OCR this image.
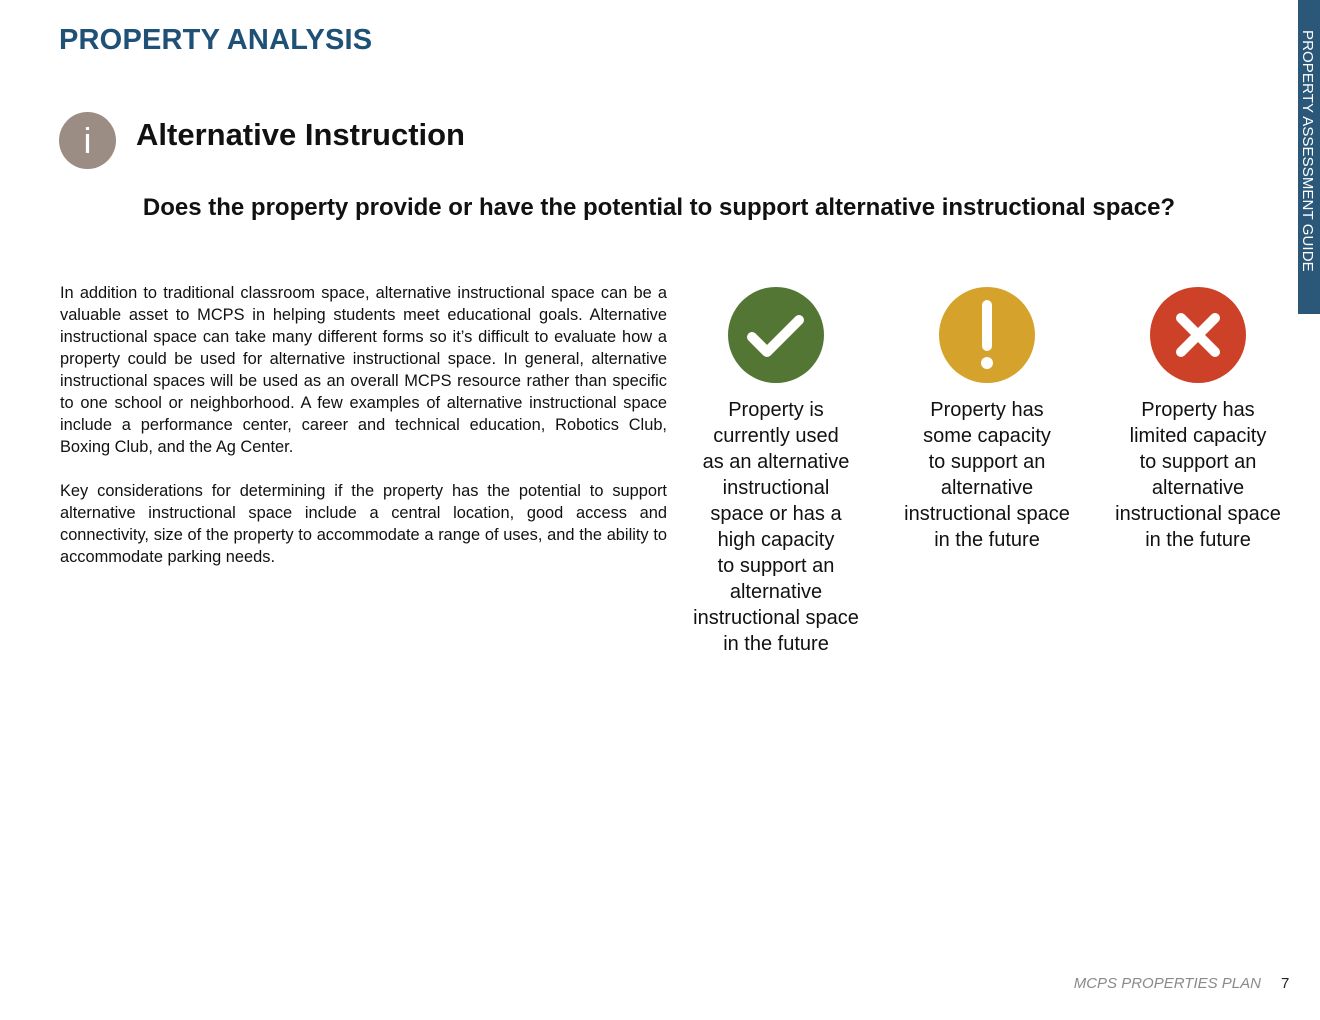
PROPERTY ANALYSIS	PROPERTY ASSESSMENT GUIDE
i	Alternative Instruction
Does the property provide or have the potential to support alternative instructional space?

In addition to traditional classroom space, alternative instructional space can be a valuable asset to MCPS in helping students meet educational goals. Alternative instructional space can take many different forms so it’s difficult to evaluate how a property could be used for alternative instructional space. In general, alternative instructional spaces will be used as an overall MCPS resource rather than specific to one school or neighborhood. A few examples of alternative instructional space include a performance center, career and technical education, Robotics Club, Boxing Club, and the Ag Center.

Key considerations for determining if the property has the potential to support alternative instructional space include a central location, good access and connectivity, size of the property to accommodate a range of uses, and the ability to accommodate parking needs.

Property is
currently used
as an alternative
instructional
space or has a
high capacity
to support an
alternative
instructional space
in the future
Property has
some capacity
to support an
alternative
instructional space
in the future
Property has
limited capacity
to support an
alternative
instructional space
in the future
MCPS PROPERTIES PLAN 7
